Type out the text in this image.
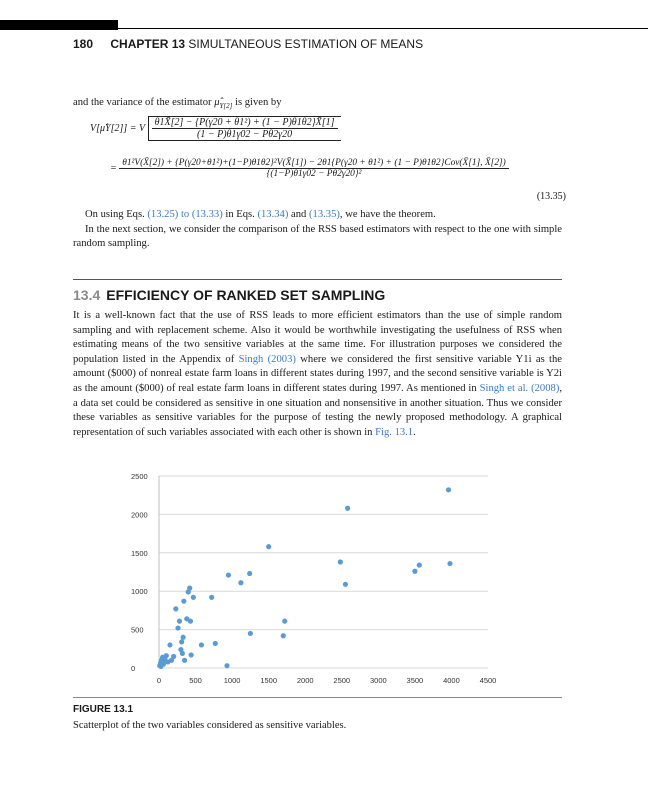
180 CHAPTER 13 SIMULTANEOUS ESTIMATION OF MEANS
and the variance of the estimator $\mû_{Y[2]}$ is given by
V[μ̂Y[2]] = V $\frac{\text{θ1X̄[2] − \{P(γ20 + θ1²) + (1 − P)θ1θ2\}X̄[1]}}{(1 - P)\theta 1\gamma 02 - P\theta 2\gamma 20}$
= θ1²V(X̄[2]) + {P(γ20+θ1²)+(1−P)θ1θ2}²V(X̄[1]) − 2θ1{P(γ20 + θ1²) + (1 − P)θ1θ2}Cov(X̄[1], X̄[2])
{(1−P)θ1γ02 − Pθ2γ20}²
(13.35)

On using Eqs. (13.25) to (13.33) in Eqs. (13.34) and (13.35), we have the theorem.

In the next section, we consider the comparison of the RSS based estimators with respect to the one with simple random sampling.

13.4 EFFICIENCY OF RANKED SET SAMPLING

It is a well-known fact that the use of RSS leads to more efficient estimators than the use of simple random sampling and with replacement scheme. Also it would be worthwhile investigating the usefulness of RSS when estimating means of the two sensitive variables at the same time. For illustration purposes we considered the population listed in the Appendix of Singh (2003) where we considered the first sensitive variable Y1i as the amount ($000) of nonreal estate farm loans in different states during 1997, and the second sensitive variable is Y2i as the amount ($000) of real estate farm loans in different states during 1997. As mentioned in Singh et al. (2008), a data set could be considered as sensitive in one situation and nonsensitive in another situation. Thus we consider these variables as sensitive variables for the purpose of testing the newly proposed methodology. A graphical representation of such variables associated with each other is shown in Fig. 13.1.

0
500
1000
1500
2000
2500
0	500	1000	1500	2000	2500	3000	3500	4000	4500
FIGURE 13.1
Scatterplot of the two variables considered as sensitive variables.
